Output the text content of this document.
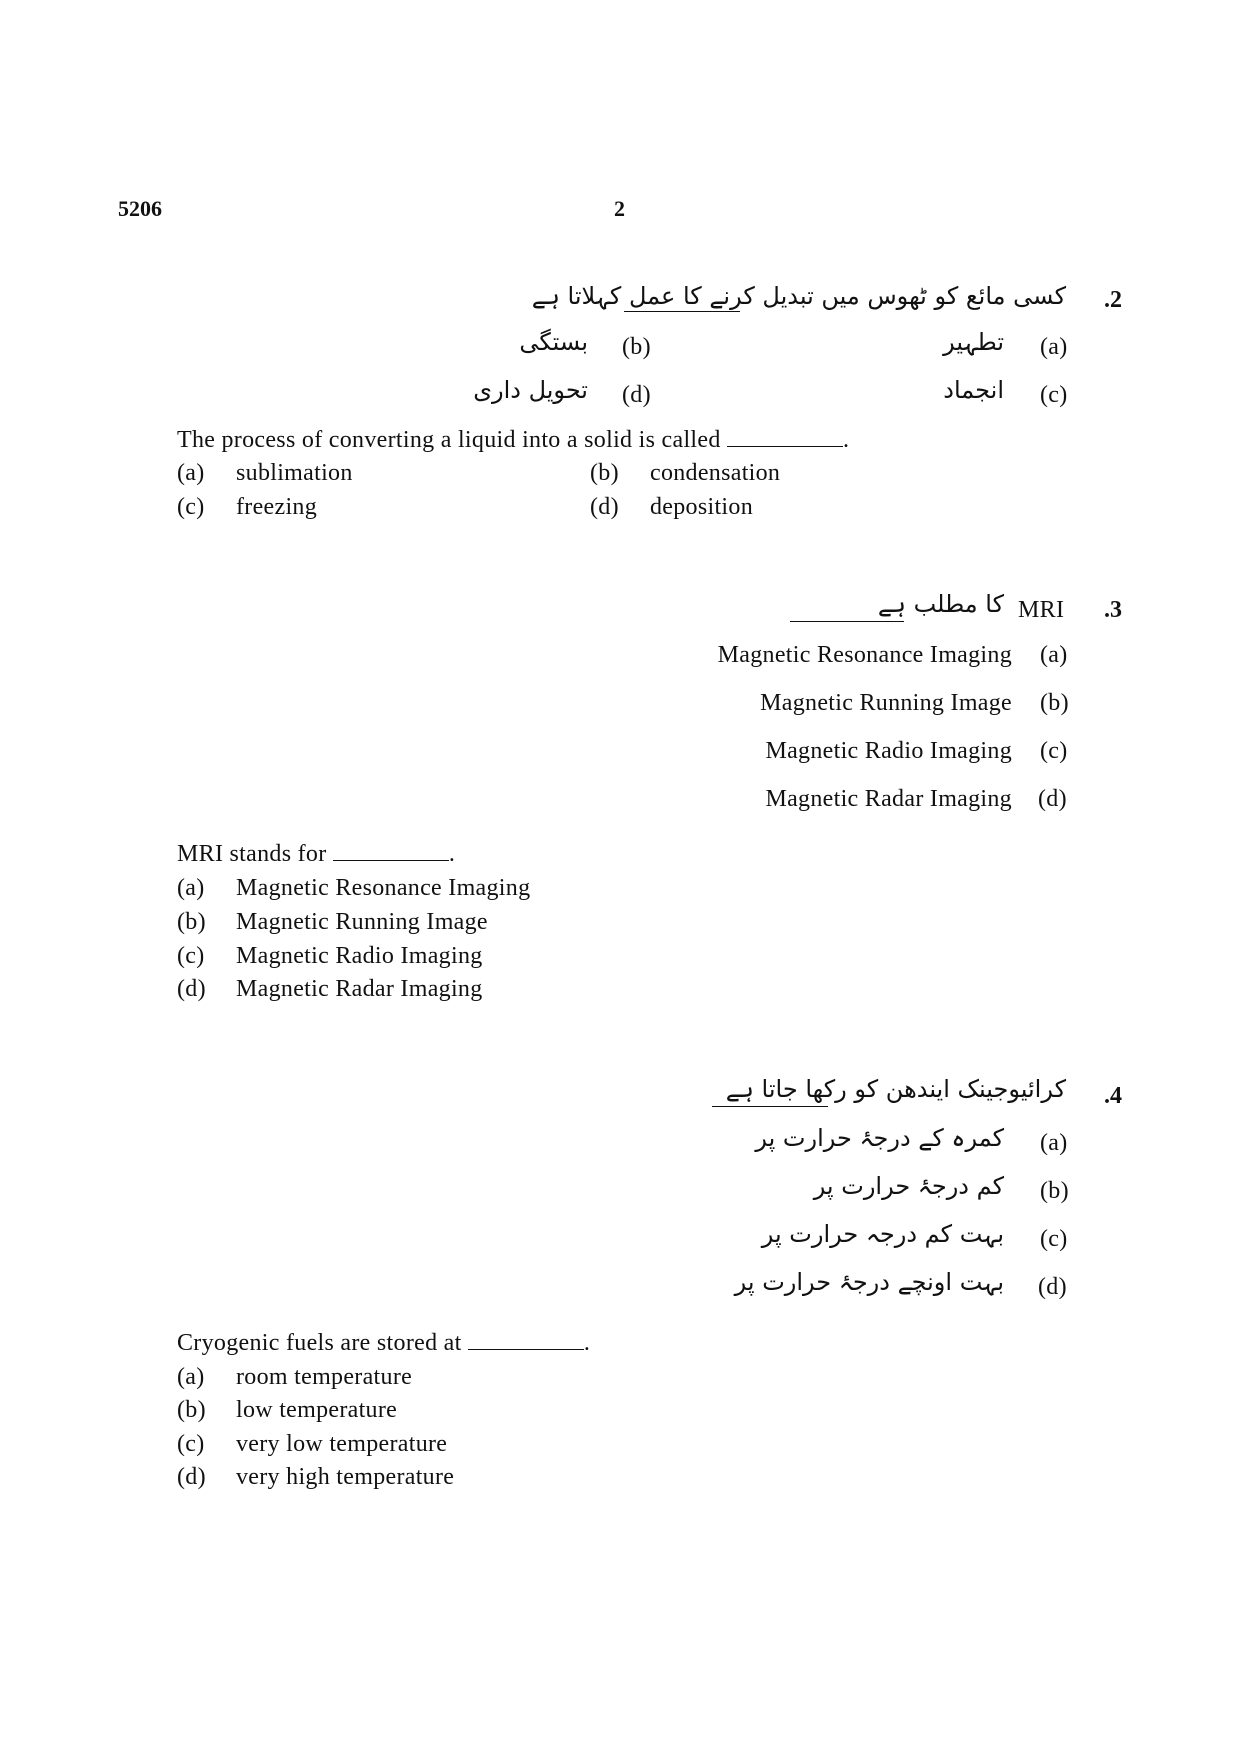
5206	2
.2
کسی مائع کو ٹھوس میں تبدیل کرنے کا عمل کہلاتا ہے
(a)
تطہیر
(b)
بستگی
(c)
انجماد
(d)
تحویل داری
The process of converting a liquid into a solid is called	.
(a) sublimation	(b) condensation
(c) freezing	(d) deposition
.3
MRI
کا مطلب ہے
Magnetic Resonance Imaging (a)
Magnetic Running Image (b)
Magnetic Radio Imaging (c)
Magnetic Radar Imaging (d)
MRI stands for	.
(a) Magnetic Resonance Imaging
(b) Magnetic Running Image
(c) Magnetic Radio Imaging
(d) Magnetic Radar Imaging
.4
کرائیوجینک ایندھن کو رکھا جاتا ہے
(a)
کمرہ کے درجۂ حرارت پر
(b)
کم درجۂ حرارت پر
(c)
بہت کم درجہ حرارت پر
(d)
بہت اونچے درجۂ حرارت پر
Cryogenic fuels are stored at	.
(a) room temperature
(b) low temperature
(c) very low temperature
(d) very high temperature
